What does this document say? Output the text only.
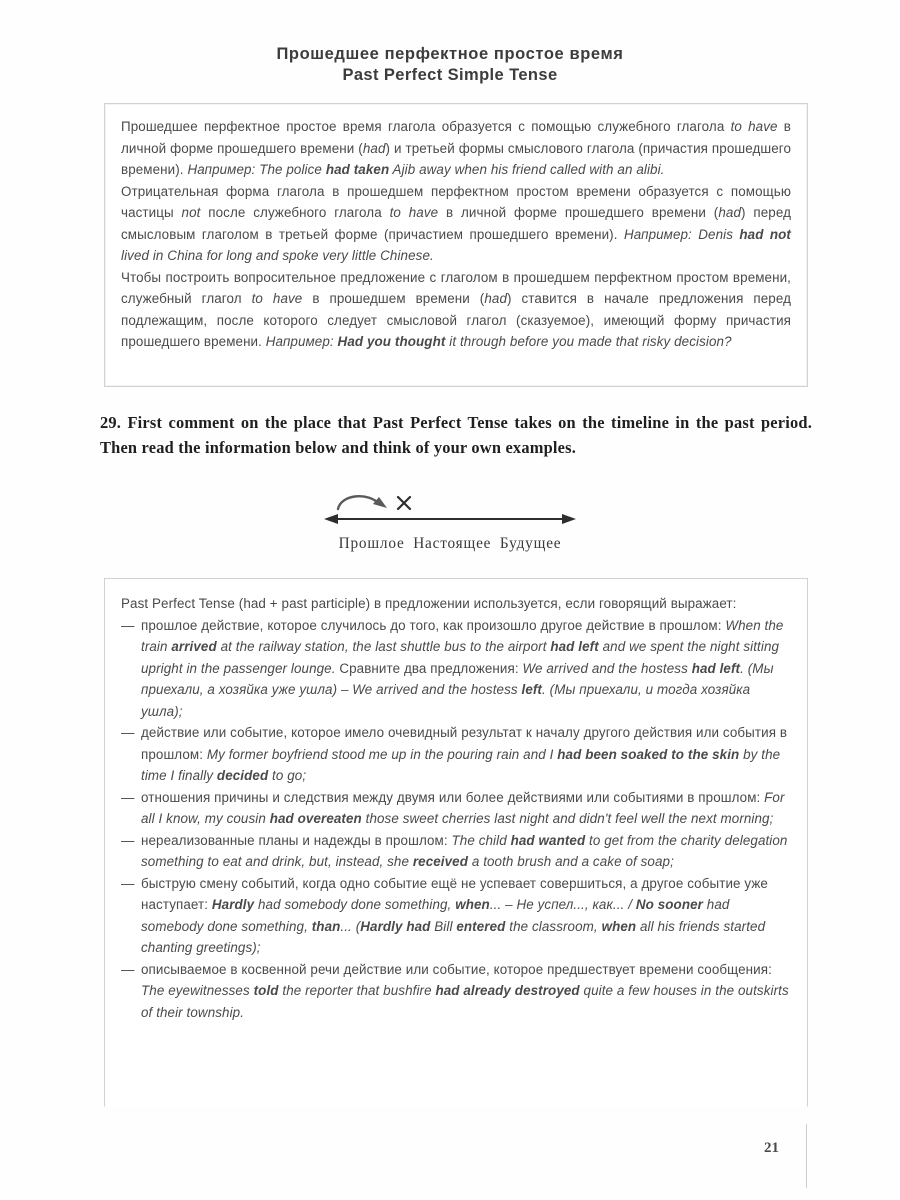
Прошедшее перфектное простое время
Past Perfect Simple Tense

Прошедшее перфектное простое время глагола образуется с помощью служебного глагола to have в личной форме прошедшего времени (had) и третьей формы смыслового глагола (причастия прошедшего времени). Например: The police had taken Ajib away when his friend called with an alibi.

Отрицательная форма глагола в прошедшем перфектном простом времени образуется с помощью частицы not после служебного глагола to have в личной форме прошедшего времени (had) перед смысловым глаголом в третьей форме (причастием прошедшего времени). Например: Denis had not lived in China for long and spoke very little Chinese.

Чтобы построить вопросительное предложение с глаголом в прошедшем перфектном простом времени, служебный глагол to have в прошедшем времени (had) ставится в начале предложения перед подлежащим, после которого следует смысловой глагол (сказуемое), имеющий форму причастия прошедшего времени. Например: Had you thought it through before you made that risky decision?

29. First comment on the place that Past Perfect Tense takes on the timeline in the past period. Then read the information below and think of your own examples.

Прошлое Настоящее Будущее

Past Perfect Tense (had + past participle) в предложении используется, если говорящий выражает:

— прошлое действие, которое случилось до того, как произошло другое действие в прошлом: When the train arrived at the railway station, the last shuttle bus to the airport had left and we spent the night sitting upright in the passenger lounge. Сравните два предложения: We arrived and the hostess had left. (Мы приехали, а хозяйка уже ушла) – We arrived and the hostess left. (Мы приехали, и тогда хозяйка ушла);
— действие или событие, которое имело очевидный результат к началу другого действия или события в прошлом: My former boyfriend stood me up in the pouring rain and I had been soaked to the skin by the time I finally decided to go;
— отношения причины и следствия между двумя или более действиями или событиями в прошлом: For all I know, my cousin had overeaten those sweet cherries last night and didn't feel well the next morning;
— нереализованные планы и надежды в прошлом: The child had wanted to get from the charity delegation something to eat and drink, but, instead, she received a tooth brush and a cake of soap;
— быструю смену событий, когда одно событие ещё не успевает совершиться, а другое событие уже наступает: Hardly had somebody done something, when... – Не успел..., как... / No sooner had somebody done something, than... (Hardly had Bill entered the classroom, when all his friends started chanting greetings);
— описываемое в косвенной речи действие или событие, которое предшествует времени сообщения: The eyewitnesses told the reporter that bushfire had already destroyed quite a few houses in the outskirts of their township.
21
